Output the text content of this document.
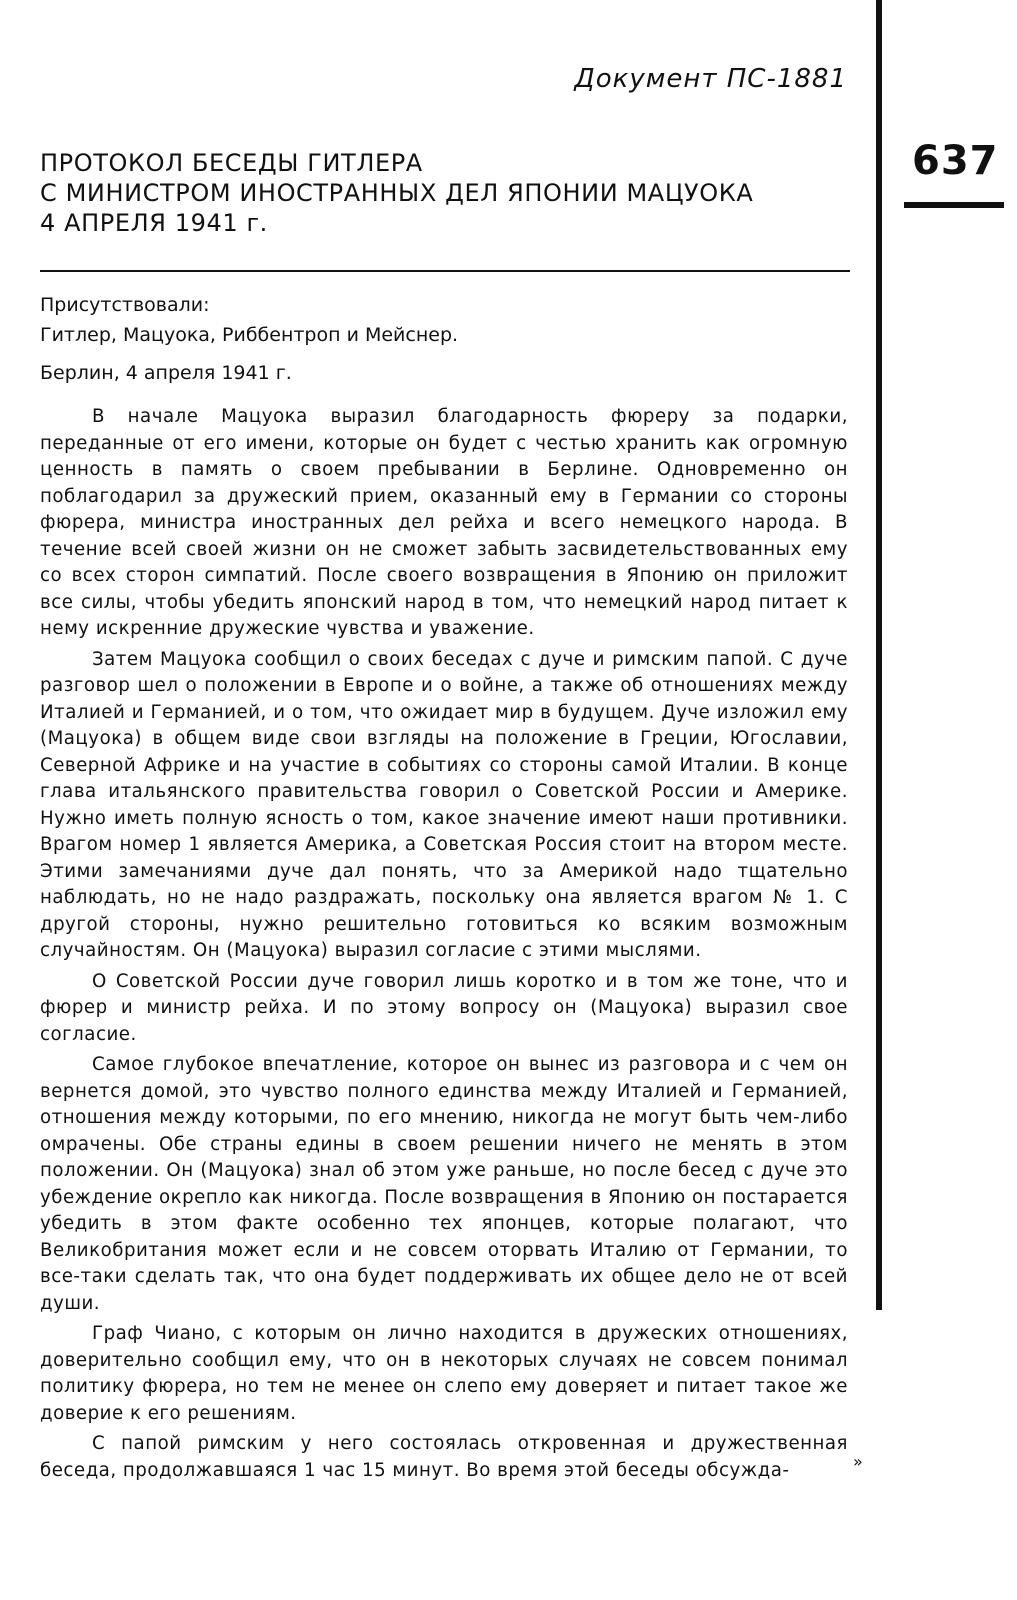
Документ ПС-1881
637
ПРОТОКОЛ БЕСЕДЫ ГИТЛЕРА
С МИНИСТРОМ ИНОСТРАННЫХ ДЕЛ ЯПОНИИ МАЦУОКА
4 АПРЕЛЯ 1941 г.
Присутствовали:
Гитлер, Мацуока, Риббентроп и Мейснер.
Берлин, 4 апреля 1941 г.

В начале Мацуока выразил благодарность фюреру за подарки, переданные от его имени, которые он будет с честью хранить как огромную ценность в память о своем пребывании в Берлине. Одновременно он поблагодарил за дружеский прием, оказанный ему в Германии со стороны фюрера, министра иностранных дел рейха и всего немецкого народа. В течение всей своей жизни он не сможет забыть засвидетельствованных ему со всех сторон симпатий. После своего возвращения в Японию он приложит все силы, чтобы убедить японский народ в том, что немецкий народ питает к нему искренние дружеские чувства и уважение.

Затем Мацуока сообщил о своих беседах с дуче и римским папой. С дуче разговор шел о положении в Европе и о войне, а также об отношениях между Италией и Германией, и о том, что ожидает мир в будущем. Дуче изложил ему (Мацуока) в общем виде свои взгляды на положение в Греции, Югославии, Северной Африке и на участие в событиях со стороны самой Италии. В конце глава итальянского правительства говорил о Советской России и Америке. Нужно иметь полную ясность о том, какое значение имеют наши противники. Врагом номер 1 является Америка, а Советская Россия стоит на втором месте. Этими замечаниями дуче дал понять, что за Америкой надо тщательно наблюдать, но не надо раздражать, поскольку она является врагом № 1. С другой стороны, нужно решительно готовиться ко всяким возможным случайностям. Он (Мацуока) выразил согласие с этими мыслями.

О Советской России дуче говорил лишь коротко и в том же тоне, что и фюрер и министр рейха. И по этому вопросу он (Мацуока) выразил свое согласие.

Самое глубокое впечатление, которое он вынес из разговора и с чем он вернется домой, это чувство полного единства между Италией и Германией, отношения между которыми, по его мнению, никогда не могут быть чем-либо омрачены. Обе страны едины в своем решении ничего не менять в этом положении. Он (Мацуока) знал об этом уже раньше, но после бесед с дуче это убеждение окрепло как никогда. После возвращения в Японию он постарается убедить в этом факте особенно тех японцев, которые полагают, что Великобритания может если и не совсем оторвать Италию от Германии, то все-таки сделать так, что она будет поддерживать их общее дело не от всей души.

Граф Чиано, с которым он лично находится в дружеских отношениях, доверительно сообщил ему, что он в некоторых случаях не совсем понимал политику фюрера, но тем не менее он слепо ему доверяет и питает такое же доверие к его решениям.

С папой римским у него состоялась откровенная и дружественная беседа, продолжавшаяся 1 час 15 минут. Во время этой беседы обсужда-	»
